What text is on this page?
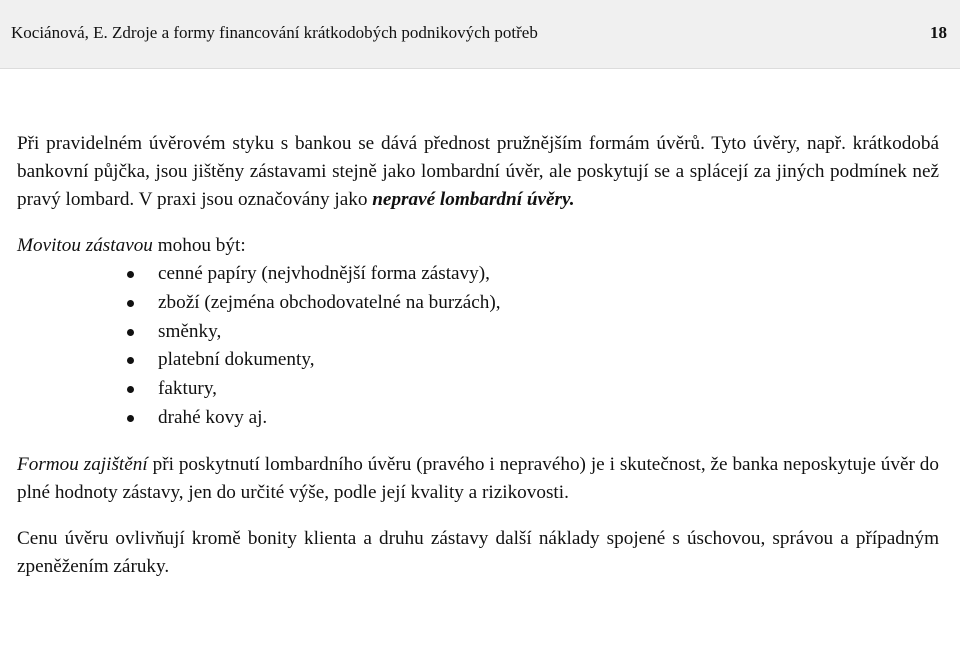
Kociánová, E. Zdroje a formy financování krátkodobých podnikových potřeb	18

Při pravidelném úvěrovém styku s bankou se dává přednost pružnějším formám úvěrů. Tyto úvěry, např. krátkodobá bankovní půjčka, jsou jištěny zástavami stejně jako lombardní úvěr, ale poskytují se a splácejí za jiných podmínek než pravý lombard. V praxi jsou označovány jako nepravé lombardní úvěry.

Movitou zástavou mohou být:

cenné papíry (nejvhodnější forma zástavy),
zboží (zejména obchodovatelné na burzách),
směnky,
platební dokumenty,
faktury,
drahé kovy aj.

Formou zajištění při poskytnutí lombardního úvěru (pravého i nepravého) je i skutečnost, že banka neposkytuje úvěr do plné hodnoty zástavy, jen do určité výše, podle její kvality a rizikovosti.

Cenu úvěru ovlivňují kromě bonity klienta a druhu zástavy další náklady spojené s úschovou, správou a případným zpeněžením záruky.
